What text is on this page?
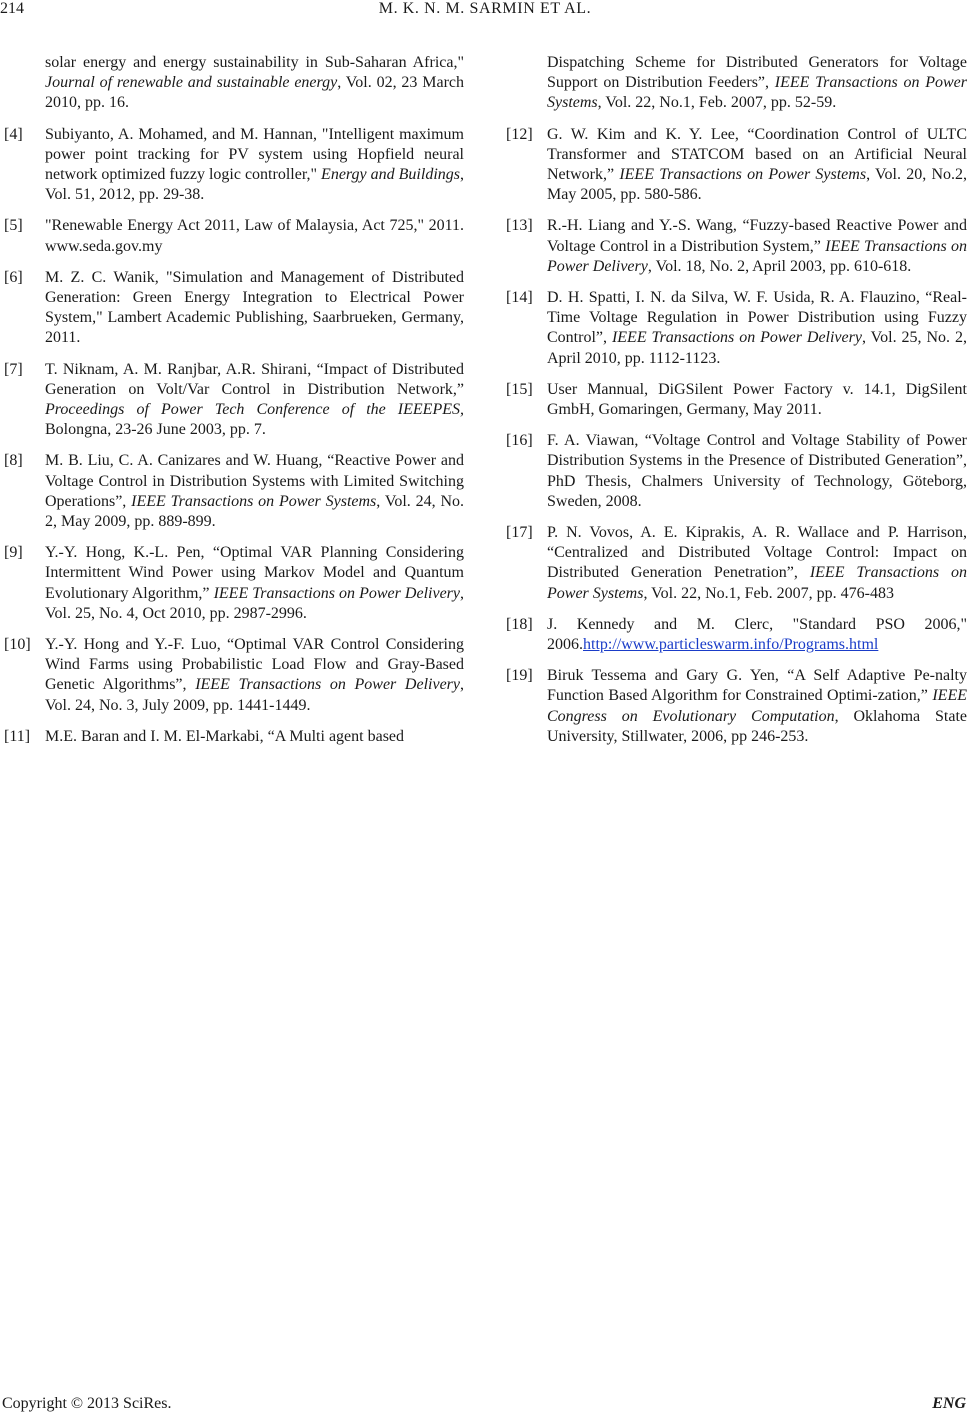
214	M. K. N. M. SARMIN ET AL.
solar energy and energy sustainability in Sub-Saharan Africa," Journal of renewable and sustainable energy, Vol. 02, 23 March 2010, pp. 16.
[4]	Subiyanto, A. Mohamed, and M. Hannan, "Intelligent maximum power point tracking for PV system using Hopfield neural network optimized fuzzy logic controller," Energy and Buildings, Vol. 51, 2012, pp. 29-38.
[5]	"Renewable Energy Act 2011, Law of Malaysia, Act 725," 2011. www.seda.gov.my
[6]	M. Z. C. Wanik, "Simulation and Management of Distributed Generation: Green Energy Integration to Electrical Power System," Lambert Academic Publishing, Saarbrueken, Germany, 2011.
[7]	T. Niknam, A. M. Ranjbar, A.R. Shirani, “Impact of Distributed Generation on Volt/Var Control in Distribution Network,” Proceedings of Power Tech Conference of the IEEEPES, Bolongna, 23-26 June 2003, pp. 7.
[8]	M. B. Liu, C. A. Canizares and W. Huang, “Reactive Power and Voltage Control in Distribution Systems with Limited Switching Operations”, IEEE Transactions on Power Systems, Vol. 24, No. 2, May 2009, pp. 889-899.
[9]	Y.-Y. Hong, K.-L. Pen, “Optimal VAR Planning Considering Intermittent Wind Power using Markov Model and Quantum Evolutionary Algorithm,” IEEE Transactions on Power Delivery, Vol. 25, No. 4, Oct 2010, pp. 2987-2996.
[10] Y.-Y. Hong and Y.-F. Luo, “Optimal VAR Control Considering Wind Farms using Probabilistic Load Flow and Gray-Based Genetic Algorithms”, IEEE Transactions on Power Delivery, Vol. 24, No. 3, July 2009, pp. 1441-1449.
[11] M.E. Baran and I. M. El-Markabi, “A Multi agent based
Dispatching Scheme for Distributed Generators for Voltage Support on Distribution Feeders”, IEEE Transactions on Power Systems, Vol. 22, No.1, Feb. 2007, pp. 52-59.
[12] G. W. Kim and K. Y. Lee, “Coordination Control of ULTC Transformer and STATCOM based on an Artificial Neural Network,” IEEE Transactions on Power Systems, Vol. 20, No.2, May 2005, pp. 580-586.
[13] R.-H. Liang and Y.-S. Wang, “Fuzzy-based Reactive Power and Voltage Control in a Distribution System,” IEEE Transactions on Power Delivery, Vol. 18, No. 2, April 2003, pp. 610-618.
[14] D. H. Spatti, I. N. da Silva, W. F. Usida, R. A. Flauzino, “Real-Time Voltage Regulation in Power Distribution using Fuzzy Control”, IEEE Transactions on Power Delivery, Vol. 25, No. 2, April 2010, pp. 1112-1123.
[15] User Mannual, DiGSilent Power Factory v. 14.1, DigSilent GmbH, Gomaringen, Germany, May 2011.
[16] F. A. Viawan, “Voltage Control and Voltage Stability of Power Distribution Systems in the Presence of Distributed Generation”, PhD Thesis, Chalmers University of Technology, Göteborg, Sweden, 2008.
[17] P. N. Vovos, A. E. Kiprakis, A. R. Wallace and P. Harrison, “Centralized and Distributed Voltage Control: Impact on Distributed Generation Penetration”, IEEE Transactions on Power Systems, Vol. 22, No.1, Feb. 2007, pp. 476-483
[18] J. Kennedy and M. Clerc, "Standard PSO 2006," 2006.http://www.particleswarm.info/Programs.html
[19] Biruk Tessema and Gary G. Yen, “A Self Adaptive Pe-nalty Function Based Algorithm for Constrained Optimi-zation,” IEEE Congress on Evolutionary Computation, Oklahoma State University, Stillwater, 2006, pp 246-253.
Copyright © 2013 SciRes.	ENG
